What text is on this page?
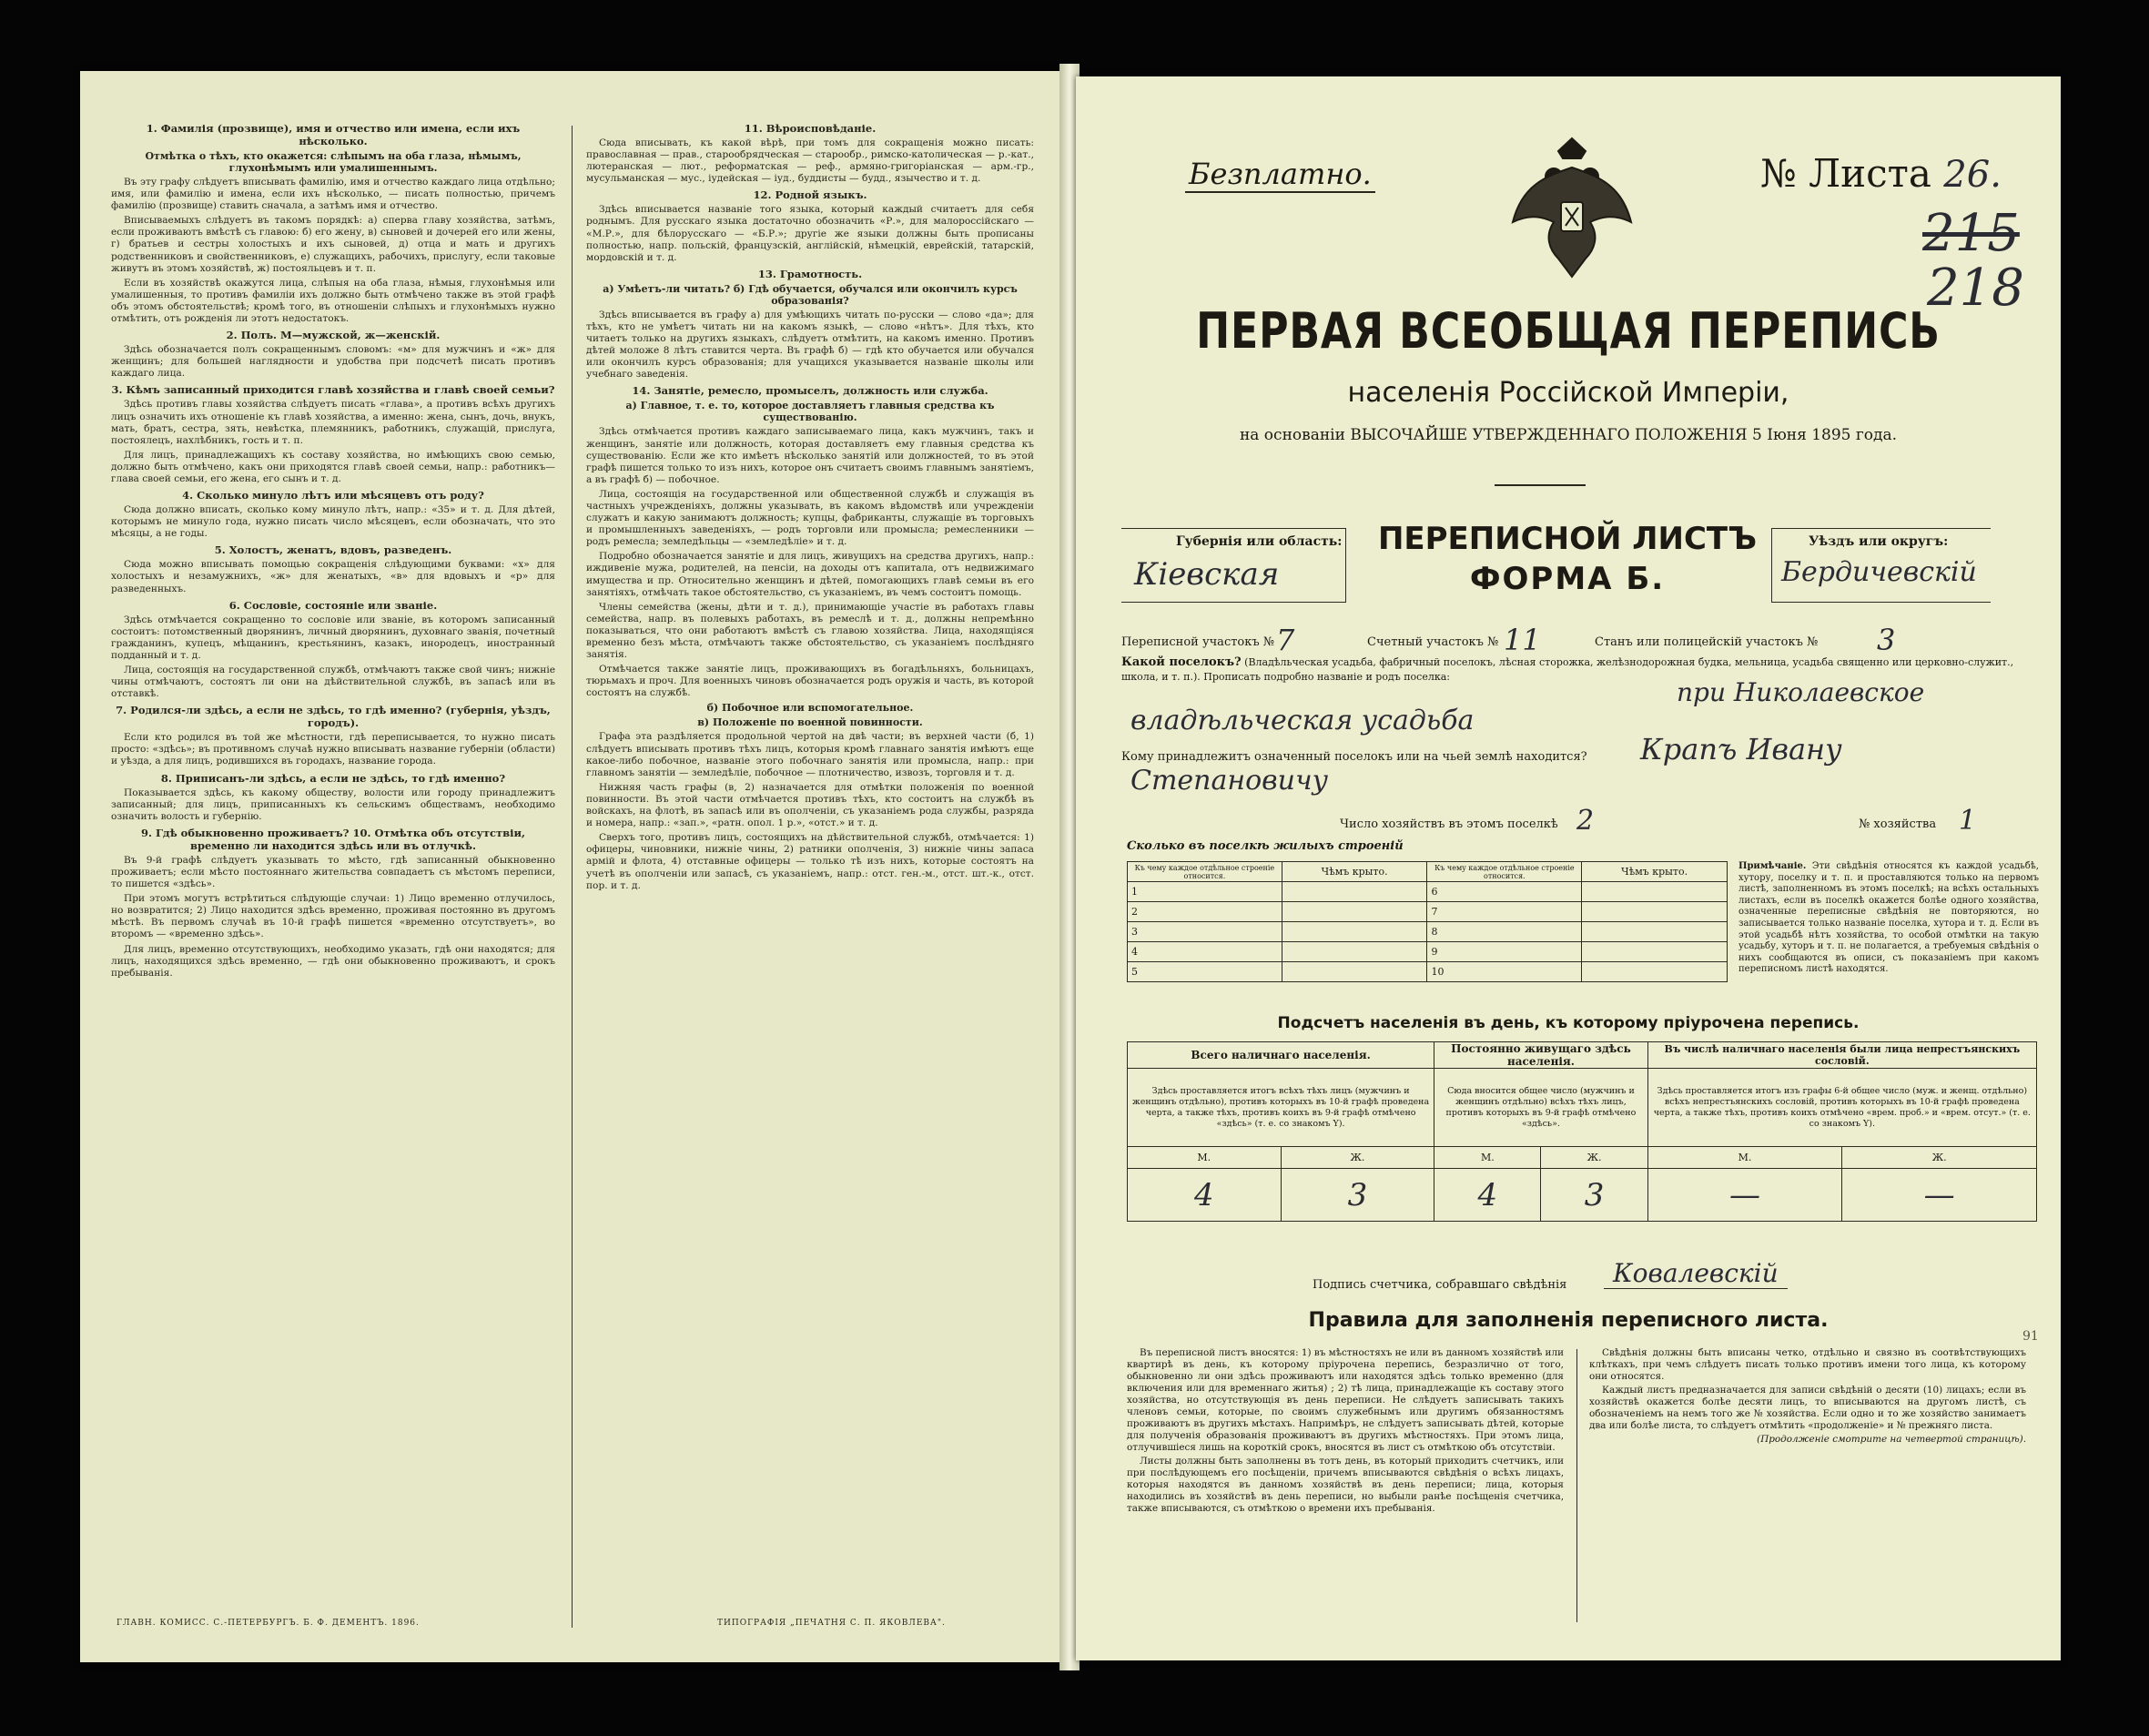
1. Фамилія (прозвище), имя и отчество или имена, если ихъ нѣсколько.
Отмѣтка о тѣхъ, кто окажется: слѣпымъ на оба глаза, нѣмымъ, глухонѣмымъ или умалишеннымъ.

Въ эту графу слѣдуетъ вписывать фамилію, имя и отчество каждаго лица отдѣльно; имя, или фамилію и имена, если ихъ нѣсколько, — писать полностью, причемъ фамилію (прозвище) ставить сначала, а затѣмъ имя и отчество.

Вписываемыхъ слѣдуетъ въ такомъ порядкѣ: а) сперва главу хозяйства, затѣмъ, если проживаютъ вмѣстѣ съ главою: б) его жену, в) сыновей и дочерей его или жены, г) братьев и сестры холостыхъ и ихъ сыновей, д) отца и мать и другихъ родственниковъ и свойственниковъ, е) служащихъ, рабочихъ, прислугу, если таковые живутъ въ этомъ хозяйствѣ, ж) постояльцевъ и т. п.

Если въ хозяйствѣ окажутся лица, слѣпыя на оба глаза, нѣмыя, глухонѣмыя или умалишенныя, то противъ фамиліи ихъ должно быть отмѣчено также въ этой графѣ объ этомъ обстоятельствѣ; кромѣ того, въ отношеніи слѣпыхъ и глухонѣмыхъ нужно отмѣтить, отъ рожденія ли этотъ недостатокъ.

2. Полъ. М—мужской, ж—женскій.

Здѣсь обозначается полъ сокращеннымъ словомъ: «м» для мужчинъ и «ж» для женщинъ; для большей наглядности и удобства при подсчетѣ писать противъ каждаго лица.

3. Кѣмъ записанный приходится главѣ хозяйства и главѣ своей семьи?

Здѣсь противъ главы хозяйства слѣдуетъ писать «глава», а противъ всѣхъ другихъ лицъ означить ихъ отношеніе къ главѣ хозяйства, а именно: жена, сынъ, дочь, внукъ, мать, братъ, сестра, зять, невѣстка, племянникъ, работникъ, служащій, прислуга, постоялецъ, нахлѣбникъ, гость и т. п.

Для лицъ, принадлежащихъ къ составу хозяйства, но имѣющихъ свою семью, должно быть отмѣчено, какъ они приходятся главѣ своей семьи, напр.: работникъ—глава своей семьи, его жена, его сынъ и т. д.

4. Сколько минуло лѣтъ или мѣсяцевъ отъ роду?

Сюда должно вписать, сколько кому минуло лѣтъ, напр.: «35» и т. д. Для дѣтей, которымъ не минуло года, нужно писать число мѣсяцевъ, если обозначать, что это мѣсяцы, а не годы.

5. Холостъ, женатъ, вдовъ, разведенъ.

Сюда можно вписывать помощью сокращенія слѣдующими буквами: «х» для холостыхъ и незамужнихъ, «ж» для женатыхъ, «в» для вдовыхъ и «р» для разведенныхъ.

6. Сословіе, состояніе или званіе.

Здѣсь отмѣчается сокращенно то сословіе или званіе, въ которомъ записанный состоитъ: потомственный дворянинъ, личный дворянинъ, духовнаго званія, почетный гражданинъ, купецъ, мѣщанинъ, крестьянинъ, казакъ, инородецъ, иностранный подданный и т. д.

Лица, состоящія на государственной службѣ, отмѣчаютъ также свой чинъ; нижніе чины отмѣчаютъ, состоятъ ли они на дѣйствительной службѣ, въ запасѣ или въ отставкѣ.

7. Родился-ли здѣсь, а если не здѣсь, то гдѣ именно? (губернія, уѣздъ, городъ).

Если кто родился въ той же мѣстности, гдѣ переписывается, то нужно писать просто: «здѣсь»; въ противномъ случаѣ нужно вписывать название губерніи (области) и уѣзда, а для лицъ, родившихся въ городахъ, название города.

8. Приписанъ-ли здѣсь, а если не здѣсь, то гдѣ именно?

Показывается здѣсь, къ какому обществу, волости или городу принадлежитъ записанный; для лицъ, приписанныхъ къ сельскимъ обществамъ, необходимо означить волость и губернію.

9. Гдѣ обыкновенно проживаетъ? 10. Отмѣтка объ отсутствіи, временно ли находится здѣсь или въ отлучкѣ.

Въ 9-й графѣ слѣдуетъ указывать то мѣсто, гдѣ записанный обыкновенно проживаетъ; если мѣсто постояннаго жительства совпадаетъ съ мѣстомъ переписи, то пишется «здѣсь».

При этомъ могутъ встрѣтиться слѣдующіе случаи: 1) Лицо временно отлучилось, но возвратится; 2) Лицо находится здѣсь временно, проживая постоянно въ другомъ мѣстѣ. Въ первомъ случаѣ въ 10-й графѣ пишется «временно отсутствуетъ», во второмъ — «временно здѣсь».

Для лицъ, временно отсутствующихъ, необходимо указать, гдѣ они находятся; для лицъ, находящихся здѣсь временно, — гдѣ они обыкновенно проживаютъ, и срокъ пребыванія.

11. Вѣроисповѣданіе.

Сюда вписывать, къ какой вѣрѣ, при томъ для сокращенія можно писать: православная — прав., старообрядческая — старообр., римско-католическая — р.-кат., лютеранская — лют., реформатская — реф., армяно-григоріанская — арм.-гр., мусульманская — мус., іудейская — іуд., буддисты — будд., язычество и т. д.

12. Родной языкъ.

Здѣсь вписывается названіе того языка, который каждый считаетъ для себя роднымъ. Для русскаго языка достаточно обозначить «Р.», для малороссійскаго — «М.Р.», для бѣлорусскаго — «Б.Р.»; другіе же языки должны быть прописаны полностью, напр. польскій, французскій, англійскій, нѣмецкій, еврейскій, татарскій, мордовскій и т. д.

13. Грамотность.
а) Умѣетъ-ли читать? б) Гдѣ обучается, обучался или окончилъ курсъ образованія?

Здѣсь вписывается въ графу а) для умѣющихъ читать по-русски — слово «да»; для тѣхъ, кто не умѣетъ читать ни на какомъ языкѣ, — слово «нѣтъ». Для тѣхъ, кто читаетъ только на другихъ языкахъ, слѣдуетъ отмѣтить, на какомъ именно. Противъ дѣтей моложе 8 лѣтъ ставится черта. Въ графѣ б) — гдѣ кто обучается или обучался или окончилъ курсъ образованія; для учащихся указывается названіе школы или учебнаго заведенія.

14. Занятіе, ремесло, промыселъ, должность или служба.
а) Главное, т. е. то, которое доставляетъ главныя средства къ существованію.

Здѣсь отмѣчается противъ каждаго записываемаго лица, какъ мужчинъ, такъ и женщинъ, занятіе или должность, которая доставляетъ ему главныя средства къ существованію. Если же кто имѣетъ нѣсколько занятій или должностей, то въ этой графѣ пишется только то изъ нихъ, которое онъ считаетъ своимъ главнымъ занятіемъ, а въ графѣ б) — побочное.

Лица, состоящія на государственной или общественной службѣ и служащія въ частныхъ учрежденіяхъ, должны указывать, въ какомъ вѣдомствѣ или учрежденіи служатъ и какую занимаютъ должность; купцы, фабриканты, служащіе въ торговыхъ и промышленныхъ заведеніяхъ, — родъ торговли или промысла; ремесленники — родъ ремесла; земледѣльцы — «земледѣліе» и т. д.

Подробно обозначается занятіе и для лицъ, живущихъ на средства другихъ, напр.: иждивеніе мужа, родителей, на пенсіи, на доходы отъ капитала, отъ недвижимаго имущества и пр. Относительно женщинъ и дѣтей, помогающихъ главѣ семьи въ его занятіяхъ, отмѣчать такое обстоятельство, съ указаніемъ, въ чемъ состоитъ помощь.

Члены семейства (жены, дѣти и т. д.), принимающіе участіе въ работахъ главы семейства, напр. въ полевыхъ работахъ, въ ремеслѣ и т. д., должны непремѣнно показываться, что они работаютъ вмѣстѣ съ главою хозяйства. Лица, находящіяся временно безъ мѣста, отмѣчаютъ также обстоятельство, съ указаніемъ послѣдняго занятія.

Отмѣчается также занятіе лицъ, проживающихъ въ богадѣльняхъ, больницахъ, тюрьмахъ и проч. Для военныхъ чиновъ обозначается родъ оружія и часть, въ которой состоятъ на службѣ.

б) Побочное или вспомогательное.
в) Положеніе по военной повинности.

Графа эта раздѣляется продольной чертой на двѣ части; въ верхней части (б, 1) слѣдуетъ вписывать противъ тѣхъ лицъ, которыя кромѣ главнаго занятія имѣютъ еще какое-либо побочное, названіе этого побочнаго занятія или промысла, напр.: при главномъ занятіи — земледѣліе, побочное — плотничество, извозъ, торговля и т. д.

Нижняя часть графы (в, 2) назначается для отмѣтки положенія по военной повинности. Въ этой части отмѣчается противъ тѣхъ, кто состоитъ на службѣ въ войскахъ, на флотѣ, въ запасѣ или въ ополченіи, съ указаніемъ рода службы, разряда и номера, напр.: «зап.», «ратн. опол. 1 р.», «отст.» и т. д.

Сверхъ того, противъ лицъ, состоящихъ на дѣйствительной службѣ, отмѣчается: 1) офицеры, чиновники, нижніе чины, 2) ратники ополченія, 3) нижніе чины запаса армій и флота, 4) отставные офицеры — только тѣ изъ нихъ, которые состоятъ на учетѣ въ ополченіи или запасѣ, съ указаніемъ, напр.: отст. ген.-м., отст. шт.-к., отст. пор. и т. д.

ГЛАВН. КОМИСС. С.-ПЕТЕРБУРГЪ. Б. Ф. ДЕМЕНТЪ. 1896.	ТИПОГРАФІЯ „ПЕЧАТНЯ С. П. ЯКОВЛЕВА".
Безплатно.	№ Листа 26.
215
218
ПЕРВАЯ ВСЕОБЩАЯ ПЕРЕПИСЬ
населенія Россійской Имперіи,
на основаніи ВЫСОЧАЙШЕ УТВЕРЖДЕННАГО ПОЛОЖЕНІЯ 5 Іюня 1895 года.
Губернія или область:
Кіевская
ПЕРЕПИСНОЙ ЛИСТЪ
ФОРМА Б.
Уѣздъ или округъ:
Бердичевскій
Переписной участокъ № 7	Счетный участокъ № 11	Станъ или полицейскій участокъ № 3
Какой поселокъ? (Владѣльческая усадьба, фабричный поселокъ, лѣсная сторожка, желѣзнодорожная будка, мельница, усадьба священно или церковно-служит., школа, и т. п.). Прописать подробно названіе и родъ поселка:
при Николаевское
владѣльческая усадьба
Кому принадлежитъ означенный поселокъ или на чьей землѣ находится? Крапъ Ивану
Степановичу
Число хозяйствъ въ этомъ поселкѣ 2	№ хозяйства 1
Сколько въ поселкѣ жилыхъ строеній
Къ чему каждое отдѣльное строеніе относится.	Чѣмъ крыто.	Къ чему каждое отдѣльное строеніе относится.	Чѣмъ крыто.
1		6	
2		7	
3		8	
4		9	
5		10	
Примѣчаніе. Эти свѣдѣнія относятся къ каждой усадьбѣ, хутору, поселку и т. п. и проставляются только на первомъ листѣ, заполненномъ въ этомъ поселкѣ; на всѣхъ остальныхъ листахъ, если въ поселкѣ окажется болѣе одного хозяйства, означенные переписные свѣдѣнія не повторяются, но записывается только названіе поселка, хутора и т. д. Если въ этой усадьбѣ нѣтъ хозяйства, то особой отмѣтки на такую усадьбу, хуторъ и т. п. не полагается, а требуемыя свѣдѣнія о нихъ сообщаются въ описи, съ показаніемъ при какомъ переписномъ листѣ находятся.
Подсчетъ населенія въ день, къ которому пріурочена перепись.
Всего наличнаго населенія.		Постоянно живущаго здѣсь населенія.		Въ числѣ наличнаго населенія были лица непрестъянскихъ сословій.	
Здѣсь проставляется итогъ всѣхъ тѣхъ лицъ (мужчинъ и женщинъ отдѣльно), противъ которыхъ въ 10-й графѣ проведена черта, а также тѣхъ, противъ коихъ въ 9-й графѣ отмѣчено «здѣсь» (т. е. со знакомъ Y).		Сюда вносится общее число (мужчинъ и женщинъ отдѣльно) всѣхъ тѣхъ лицъ, противъ которыхъ въ 9-й графѣ отмѣчено «здѣсь».		Здѣсь проставляется итогъ изъ графы 6-й общее число (муж. и женщ. отдѣльно) всѣхъ непрестъянскихъ сословій, противъ которыхъ въ 10-й графѣ проведена черта, а также тѣхъ, противъ коихъ отмѣчено «врем. проб.» и «врем. отсут.» (т. е. со знакомъ Y).	
М.	Ж.	М.	Ж.	М.	Ж.
4	3	4	3	—	—
Подпись счетчика, собравшаго свѣдѣнія	Ковалевскій
Правила для заполненія переписного листа.
91

Въ переписной листъ вносятся: 1) въ мѣстностяхъ не или въ данномъ хозяйствѣ или квартирѣ въ день, къ которому пріурочена перепись, безразлично от того, обыкновенно ли они здѣсь проживаютъ или находятся здѣсь только временно (для включения или для временнаго житья) ; 2) тѣ лица, принадлежащіе къ составу этого хозяйства, но отсутствующія въ день переписи. Не слѣдуетъ записывать такихъ членовъ семьи, которые, по своимъ служебнымъ или другимъ обязанностямъ проживаютъ въ другихъ мѣстахъ. Напримѣръ, не слѣдуетъ записывать дѣтей, которые для полученія образованія проживаютъ въ другихъ мѣстностяхъ. При этомъ лица, отлучившіеся лишь на короткій срокъ, вносятся въ лист съ отмѣткою объ отсутствіи.

Листы должны быть заполнены въ тотъ день, въ который приходитъ счетчикъ, или при послѣдующемъ его посѣщеніи, причемъ вписываются свѣдѣнія о всѣхъ лицахъ, которыя находятся въ данномъ хозяйствѣ въ день переписи; лица, которыя находились въ хозяйствѣ въ день переписи, но выбыли ранѣе посѣщенія счетчика, также вписываются, съ отмѣткою о времени ихъ пребыванія.

Свѣдѣнія должны быть вписаны четко, отдѣльно и связно въ соотвѣтствующихъ клѣткахъ, при чемъ слѣдуетъ писать только противъ имени того лица, къ которому они относятся.

Каждый листъ предназначается для записи свѣдѣній о десяти (10) лицахъ; если въ хозяйствѣ окажется болѣе десяти лицъ, то вписываются на другомъ листѣ, съ обозначеніемъ на немъ того же № хозяйства. Если одно и то же хозяйство занимаетъ два или болѣе листа, то слѣдуетъ отмѣтить «продолженіе» и № прежняго листа.

(Продолженіе смотрите на четвертой страницѣ).
